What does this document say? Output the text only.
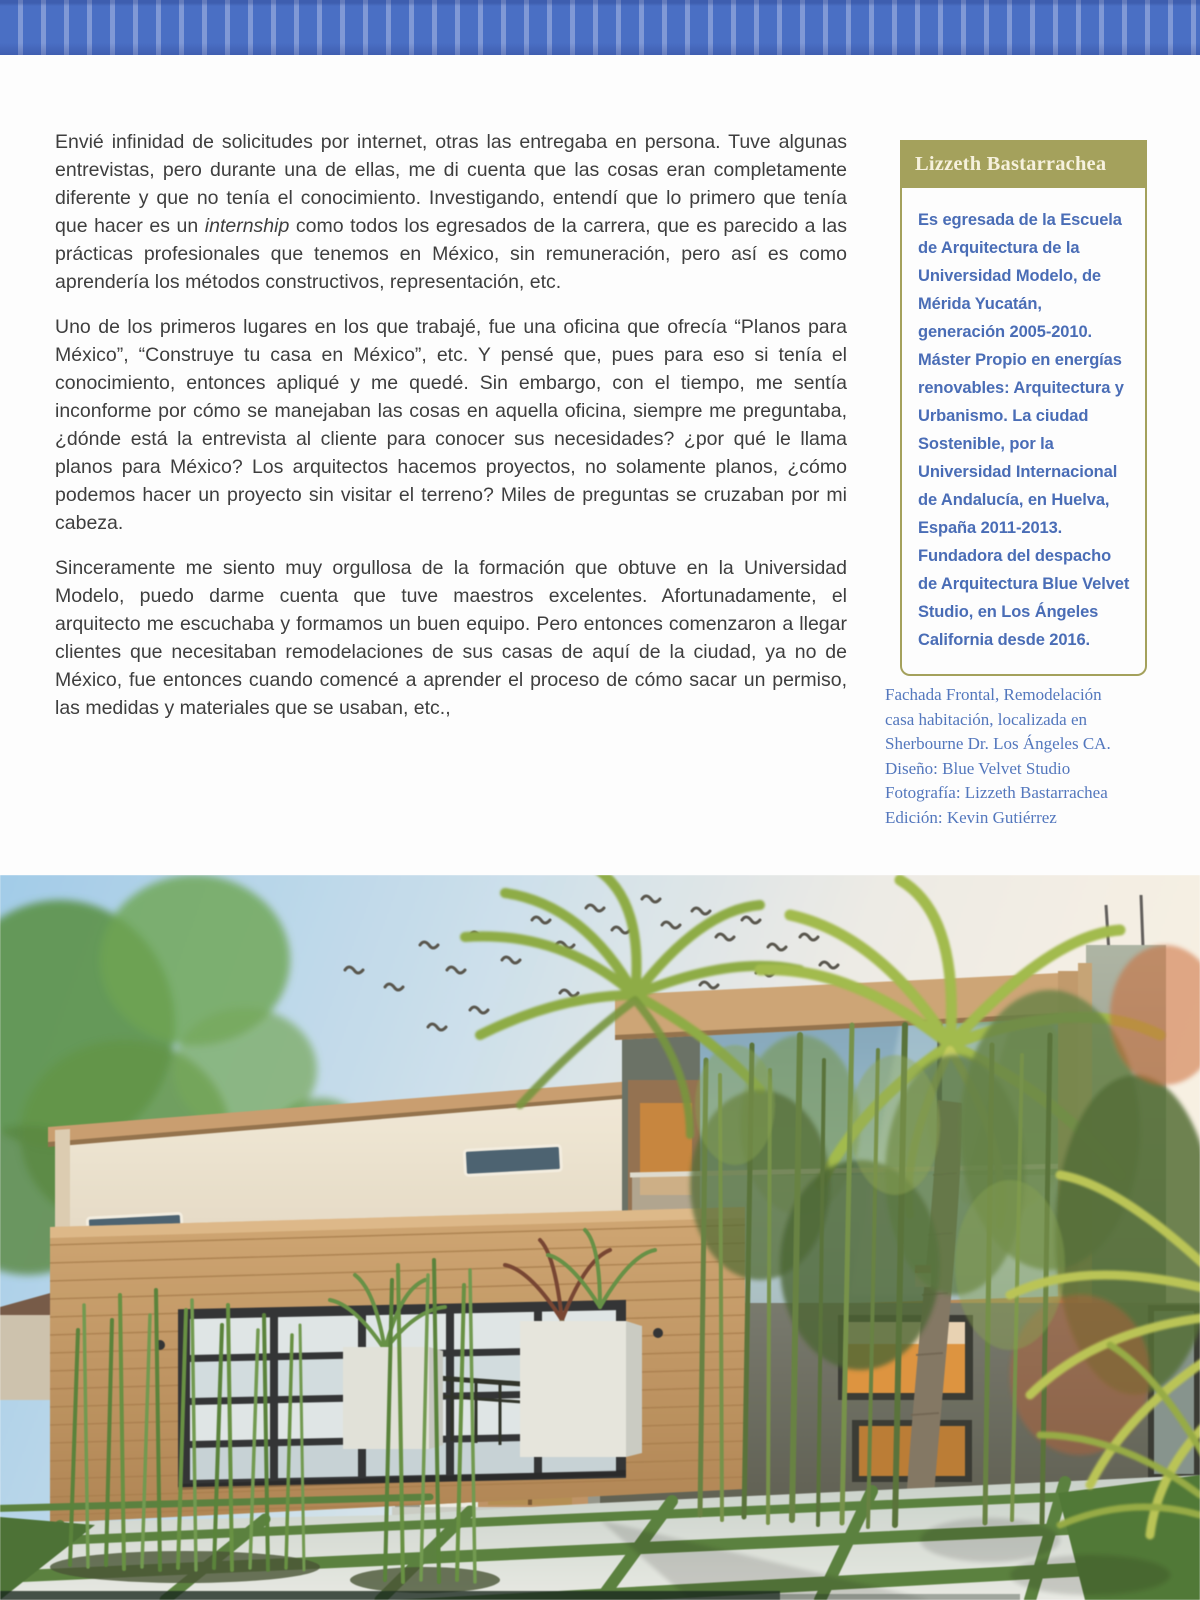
Envié infinidad de solicitudes por internet, otras las entregaba en persona. Tuve algunas entrevistas, pero durante una de ellas, me di cuenta que las cosas eran completamente diferente y que no tenía el conocimiento. Investigando, entendí que lo primero que tenía que hacer es un internship como todos los egresados de la carrera, que es parecido a las prácticas profesionales que tenemos en México, sin remuneración, pero así es como aprendería los métodos constructivos, representación, etc.

Uno de los primeros lugares en los que trabajé, fue una oficina que ofrecía “Planos para México”, “Construye tu casa en México”, etc. Y pensé que, pues para eso si tenía el conocimiento, entonces apliqué y me quedé. Sin embargo, con el tiempo, me sentía inconforme por cómo se manejaban las cosas en aquella oficina, siempre me preguntaba, ¿dónde está la entrevista al cliente para conocer sus necesidades? ¿por qué le llama planos para México? Los arquitectos hacemos proyectos, no solamente planos, ¿cómo podemos hacer un proyecto sin visitar el terreno? Miles de preguntas se cruzaban por mi cabeza.

Sinceramente me siento muy orgullosa de la formación que obtuve en la Universidad Modelo, puedo darme cuenta que tuve maestros excelentes. Afortunadamente, el arquitecto me escuchaba y formamos un buen equipo. Pero entonces comenzaron a llegar clientes que necesitaban remodelaciones de sus casas de aquí de la ciudad, ya no de México, fue entonces cuando comencé a aprender el proceso de cómo sacar un permiso, las medidas y materiales que se usaban, etc.,

Lizzeth Bastarrachea
Es egresada de la Escuela de Arquitectura de la Universidad Modelo, de Mérida Yucatán, generación 2005-2010. Máster Propio en energías renovables: Arquitectura y Urbanismo. La ciudad Sostenible, por la Universidad Internacional de Andalucía, en Huelva, España 2011-2013. Fundadora del despacho de Arquitectura Blue Velvet Studio, en Los Ángeles California desde 2016.
Fachada Frontal, Remodelación
casa habitación, localizada en
Sherbourne Dr. Los Ángeles CA.
Diseño: Blue Velvet Studio
Fotografía: Lizzeth Bastarrachea
Edición: Kevin Gutiérrez
